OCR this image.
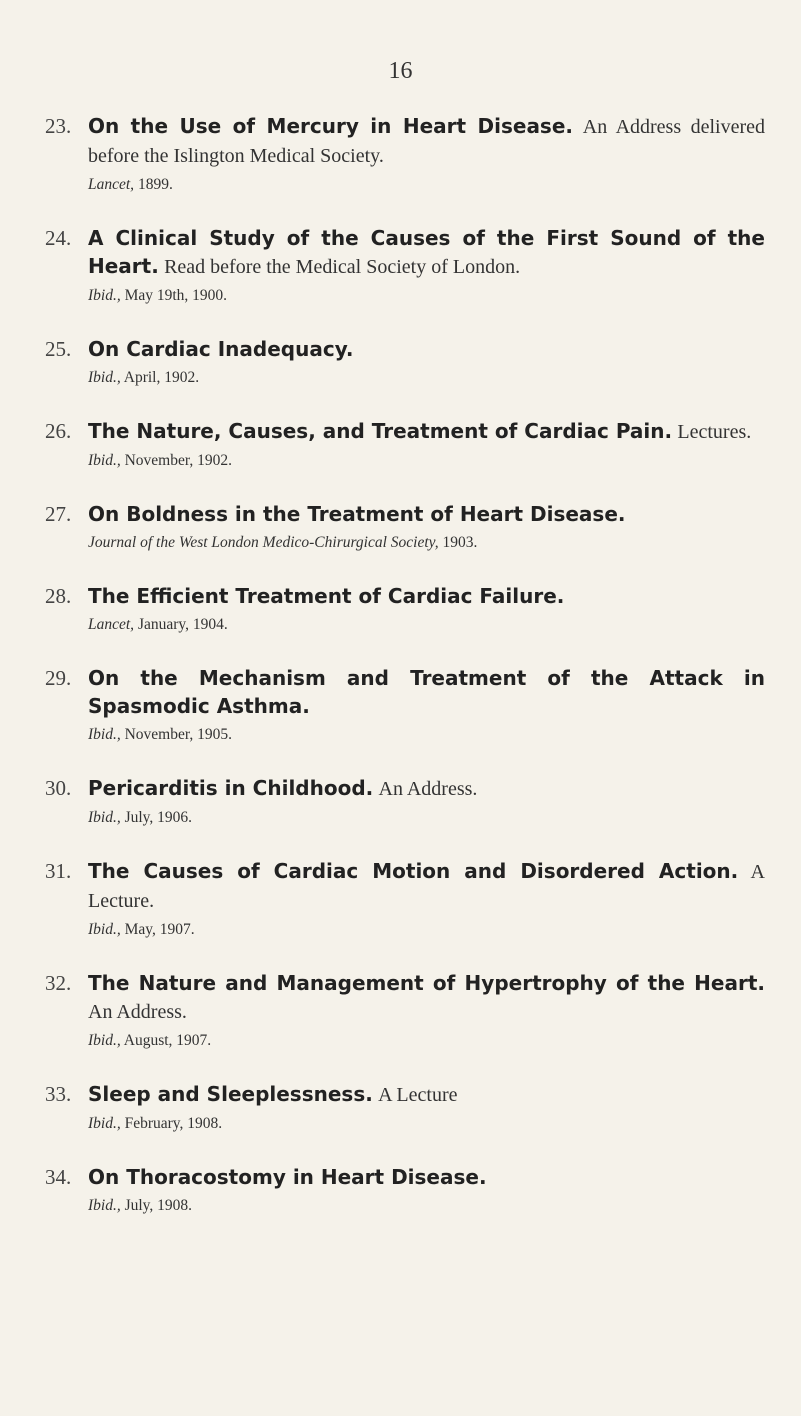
16
23. On the Use of Mercury in Heart Disease. An Address delivered before the Islington Medical Society.
Lancet, 1899.
24. A Clinical Study of the Causes of the First Sound of the Heart. Read before the Medical Society of London.
Ibid., May 19th, 1900.
25. On Cardiac Inadequacy.
Ibid., April, 1902.
26. The Nature, Causes, and Treatment of Cardiac Pain. Lectures.
Ibid., November, 1902.
27. On Boldness in the Treatment of Heart Disease.
Journal of the West London Medico-Chirurgical Society, 1903.
28. The Efficient Treatment of Cardiac Failure.
Lancet, January, 1904.
29. On the Mechanism and Treatment of the Attack in Spasmodic Asthma.
Ibid., November, 1905.
30. Pericarditis in Childhood. An Address.
Ibid., July, 1906.
31. The Causes of Cardiac Motion and Disordered Action. A Lecture.
Ibid., May, 1907.
32. The Nature and Management of Hypertrophy of the Heart. An Address.
Ibid., August, 1907.
33. Sleep and Sleeplessness. A Lecture
Ibid., February, 1908.
34. On Thoracostomy in Heart Disease.
Ibid., July, 1908.
